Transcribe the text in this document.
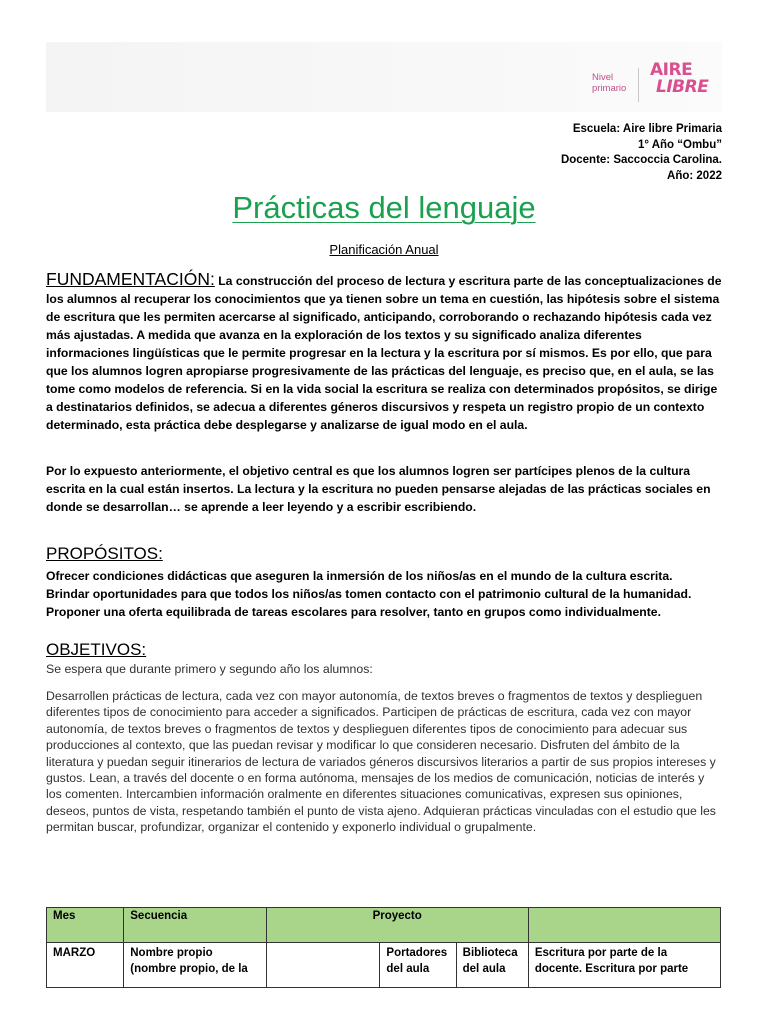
Nivel
primario
AIRE
LIBRE
Escuela: Aire libre Primaria
1° Año “Ombu”
Docente: Saccoccia Carolina.
Año: 2022
Prácticas del lenguaje
Planificación Anual

FUNDAMENTACIÓN: La construcción del proceso de lectura y escritura parte de las conceptualizaciones de los alumnos al recuperar los conocimientos que ya tienen sobre un tema en cuestión, las hipótesis sobre el sistema de escritura que les permiten acercarse al significado, anticipando, corroborando o rechazando hipótesis cada vez más ajustadas. A medida que avanza en la exploración de los textos y su significado analiza diferentes informaciones lingüísticas que le permite progresar en la lectura y la escritura por sí mismos. Es por ello, que para que los alumnos logren apropiarse progresivamente de las prácticas del lenguaje, es preciso que, en el aula, se las tome como modelos de referencia. Si en la vida social la escritura se realiza con determinados propósitos, se dirige a destinatarios definidos, se adecua a diferentes géneros discursivos y respeta un registro propio de un contexto determinado, esta práctica debe desplegarse y analizarse de igual modo en el aula.

Por lo expuesto anteriormente, el objetivo central es que los alumnos logren ser partícipes plenos de la cultura escrita en la cual están insertos. La lectura y la escritura no pueden pensarse alejadas de las prácticas sociales en donde se desarrollan… se aprende a leer leyendo y a escribir escribiendo.
PROPÓSITOS:

Ofrecer condiciones didácticas que aseguren la inmersión de los niños/as en el mundo de la cultura escrita.

Brindar oportunidades para que todos los niños/as tomen contacto con el patrimonio cultural de la humanidad.

Proponer una oferta equilibrada de tareas escolares para resolver, tanto en grupos como individualmente.

OBJETIVOS:
Se espera que durante primero y segundo año los alumnos:
Desarrollen prácticas de lectura, cada vez con mayor autonomía, de textos breves o fragmentos de textos y desplieguen diferentes tipos de conocimiento para acceder a significados. Participen de prácticas de escritura, cada vez con mayor autonomía, de textos breves o fragmentos de textos y desplieguen diferentes tipos de conocimiento para adecuar sus producciones al contexto, que las puedan revisar y modificar lo que consideren necesario. Disfruten del ámbito de la literatura y puedan seguir itinerarios de lectura de variados géneros discursivos literarios a partir de sus propios intereses y gustos. Lean, a través del docente o en forma autónoma, mensajes de los medios de comunicación, noticias de interés y los comenten. Intercambien información oralmente en diferentes situaciones comunicativas, expresen sus opiniones, deseos, puntos de vista, respetando también el punto de vista ajeno. Adquieran prácticas vinculadas con el estudio que les permitan buscar, profundizar, organizar el contenido y exponerlo individual o grupalmente.
Mes	Secuencia	Proyecto			
MARZO	Nombre propio (nombre propio, de la		Portadores del aula	Biblioteca del aula	Escritura por parte de la docente. Escritura por parte
